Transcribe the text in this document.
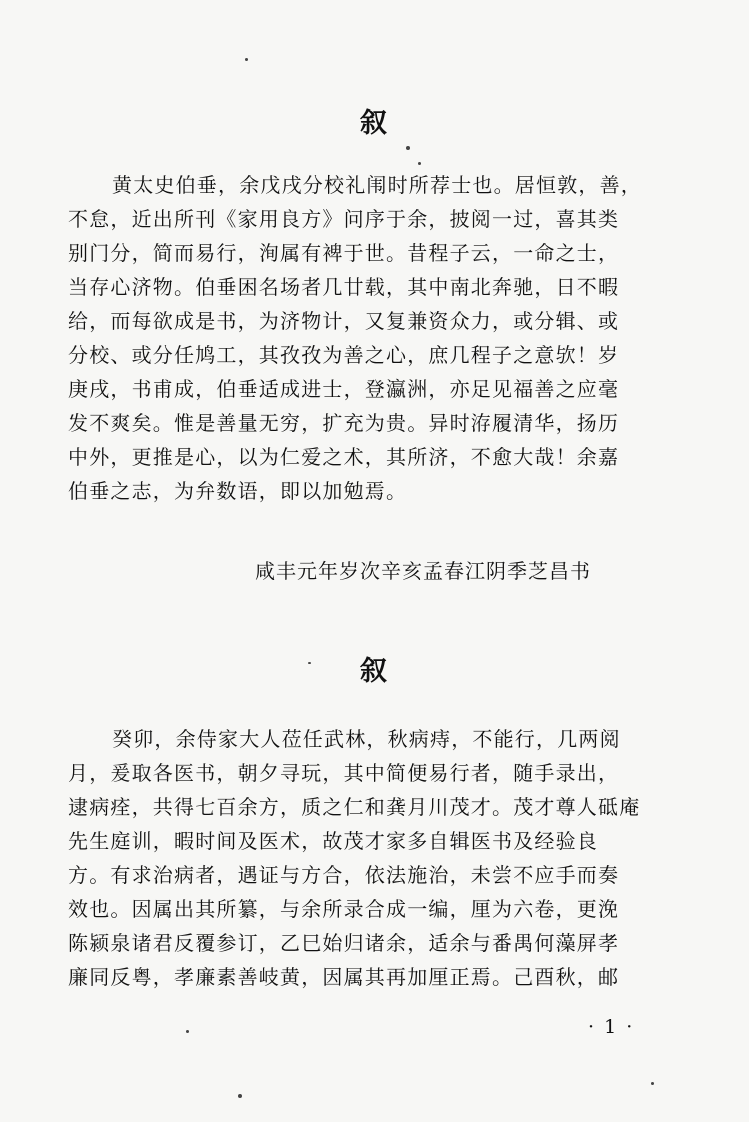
叙
黄太史伯垂，余戊戌分校礼闱时所荐士也。居恒敦，善，
不怠，近出所刊《家用良方》问序于余，披阅一过，喜其类
别门分，简而易行，洵属有裨于世。昔程子云，一命之士，
当存心济物。伯垂困名场者几廿载，其中南北奔驰，日不暇
给，而每欲成是书，为济物计，又复兼资众力，或分辑、或
分校、或分任鸠工，其孜孜为善之心，庶几程子之意欤！岁
庚戌，书甫成，伯垂适成进士，登瀛洲，亦足见福善之应毫
发不爽矣。惟是善量无穷，扩充为贵。异时洊履清华，扬历
中外，更推是心，以为仁爱之术，其所济，不愈大哉！余嘉
伯垂之志，为弁数语，即以加勉焉。
咸丰元年岁次辛亥孟春江阴季芝昌书
叙
癸卯，余侍家大人莅任武林，秋病痔，不能行，几两阅
月，爰取各医书，朝夕寻玩，其中简便易行者，随手录出，
逮病痊，共得七百余方，质之仁和龚月川茂才。茂才尊人砥庵
先生庭训，暇时间及医术，故茂才家多自辑医书及经验良
方。有求治病者，遇证与方合，依法施治，未尝不应手而奏
效也。因属出其所纂，与余所录合成一编，厘为六卷，更浼
陈颍泉诸君反覆参订，乙巳始归诸余，适余与番禺何藻屏孝
廉同反粤，孝廉素善岐黄，因属其再加厘正焉。己酉秋，邮
· 1 ·
